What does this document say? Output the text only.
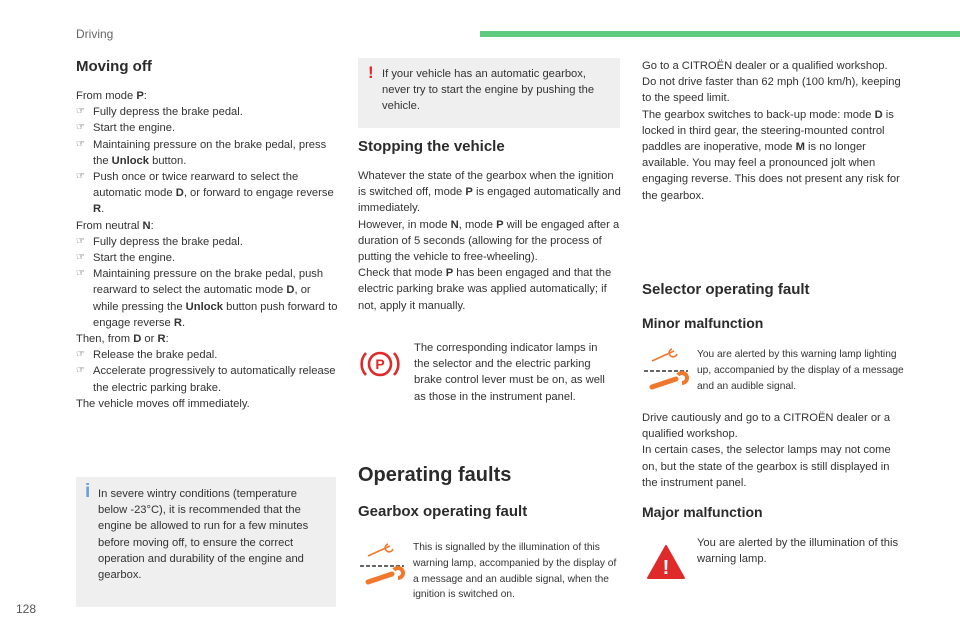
Driving
Moving off
From mode P:
☞ Fully depress the brake pedal.
☞ Start the engine.
☞ Maintaining pressure on the brake pedal, press the Unlock button.
☞ Push once or twice rearward to select the automatic mode D, or forward to engage reverse R.
From neutral N:
☞ Fully depress the brake pedal.
☞ Start the engine.
☞ Maintaining pressure on the brake pedal, push rearward to select the automatic mode D, or while pressing the Unlock button push forward to engage reverse R.
Then, from D or R:
☞ Release the brake pedal.
☞ Accelerate progressively to automatically release the electric parking brake.
The vehicle moves off immediately.
i In severe wintry conditions (temperature below -23°C), it is recommended that the engine be allowed to run for a few minutes before moving off, to ensure the correct operation and durability of the engine and gearbox.
! If your vehicle has an automatic gearbox, never try to start the engine by pushing the vehicle.
Stopping the vehicle
Whatever the state of the gearbox when the ignition is switched off, mode P is engaged automatically and immediately.
However, in mode N, mode P will be engaged after a duration of 5 seconds (allowing for the process of putting the vehicle to free-wheeling).
Check that mode P has been engaged and that the electric parking brake was applied automatically; if not, apply it manually.
P
The corresponding indicator lamps in the selector and the electric parking brake control lever must be on, as well as those in the instrument panel.
Operating faults
Gearbox operating fault
This is signalled by the illumination of this warning lamp, accompanied by the display of a message and an audible signal, when the ignition is switched on.
Go to a CITROËN dealer or a qualified workshop.
Do not drive faster than 62 mph (100 km/h), keeping to the speed limit.
The gearbox switches to back-up mode: mode D is locked in third gear, the steering-mounted control paddles are inoperative, mode M is no longer available. You may feel a pronounced jolt when engaging reverse. This does not present any risk for the gearbox.
Selector operating fault
Minor malfunction
You are alerted by this warning lamp lighting up, accompanied by the display of a message and an audible signal.
Drive cautiously and go to a CITROËN dealer or a qualified workshop.
In certain cases, the selector lamps may not come on, but the state of the gearbox is still displayed in the instrument panel.
Major malfunction
!
You are alerted by the illumination of this warning lamp.
128
